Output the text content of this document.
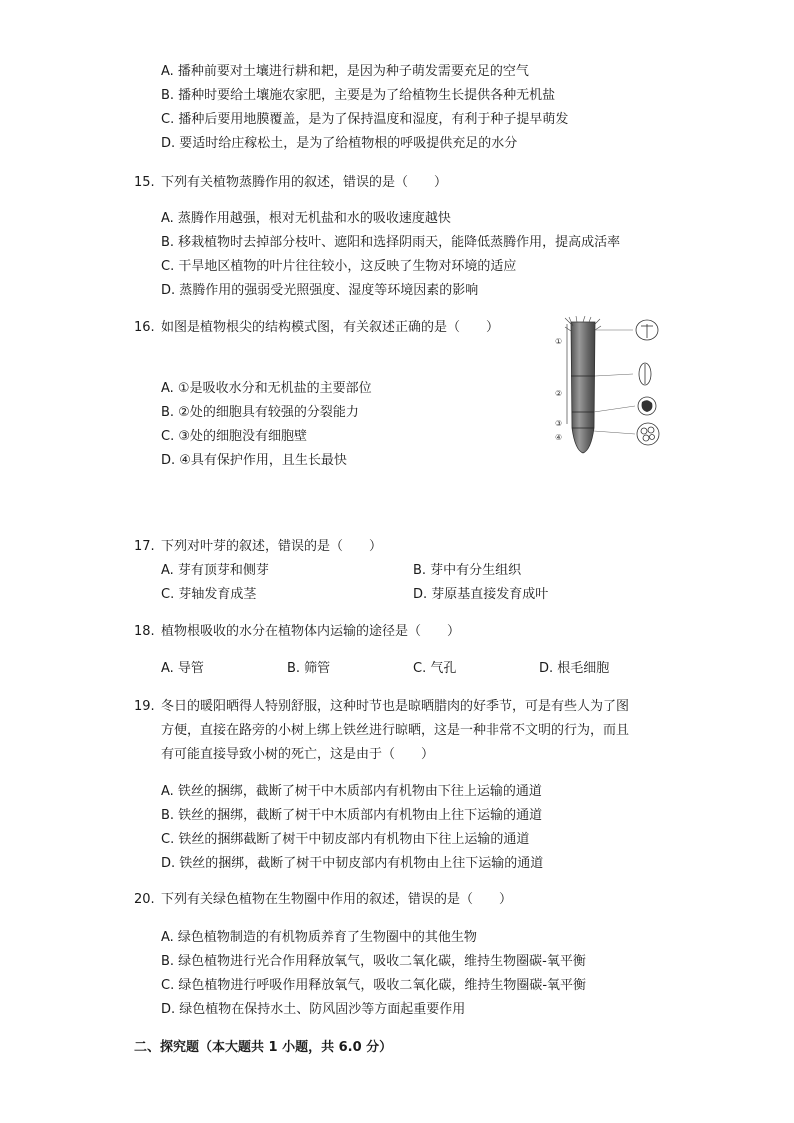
A. 播种前要对土壤进行耕和耙，是因为种子萌发需要充足的空气
B. 播种时要给土壤施农家肥，主要是为了给植物生长提供各种无机盐
C. 播种后要用地膜覆盖，是为了保持温度和湿度，有利于种子提早萌发
D. 要适时给庄稼松土，是为了给植物根的呼吸提供充足的水分
15. 下列有关植物蒸腾作用的叙述，错误的是（　　）
A. 蒸腾作用越强，根对无机盐和水的吸收速度越快
B. 移栽植物时去掉部分枝叶、遮阳和选择阴雨天，能降低蒸腾作用，提高成活率
C. 干旱地区植物的叶片往往较小，这反映了生物对环境的适应
D. 蒸腾作用的强弱受光照强度、湿度等环境因素的影响
16. 如图是植物根尖的结构模式图，有关叙述正确的是（　　）
A. ①是吸收水分和无机盐的主要部位
B. ②处的细胞具有较强的分裂能力
C. ③处的细胞没有细胞壁
D. ④具有保护作用，且生长最快
①
②
③
④
17. 下列对叶芽的叙述，错误的是（　　）
A. 芽有顶芽和侧芽	B. 芽中有分生组织
C. 芽轴发育成茎	D. 芽原基直接发育成叶
18. 植物根吸收的水分在植物体内运输的途径是（　　）
A. 导管	B. 筛管	C. 气孔	D. 根毛细胞
19. 冬日的暖阳晒得人特别舒服，这种时节也是晾晒腊肉的好季节，可是有些人为了图
方便，直接在路旁的小树上绑上铁丝进行晾晒，这是一种非常不文明的行为，而且
有可能直接导致小树的死亡，这是由于（　　）
A. 铁丝的捆绑，截断了树干中木质部内有机物由下往上运输的通道
B. 铁丝的捆绑，截断了树干中木质部内有机物由上往下运输的通道
C. 铁丝的捆绑截断了树干中韧皮部内有机物由下往上运输的通道
D. 铁丝的捆绑，截断了树干中韧皮部内有机物由上往下运输的通道
20. 下列有关绿色植物在生物圈中作用的叙述，错误的是（　　）
A. 绿色植物制造的有机物质养育了生物圈中的其他生物
B. 绿色植物进行光合作用释放氧气，吸收二氧化碳，维持生物圈碳-氧平衡
C. 绿色植物进行呼吸作用释放氧气，吸收二氧化碳，维持生物圈碳-氧平衡
D. 绿色植物在保持水土、防风固沙等方面起重要作用
二、探究题（本大题共 1 小题，共 6.0 分）
